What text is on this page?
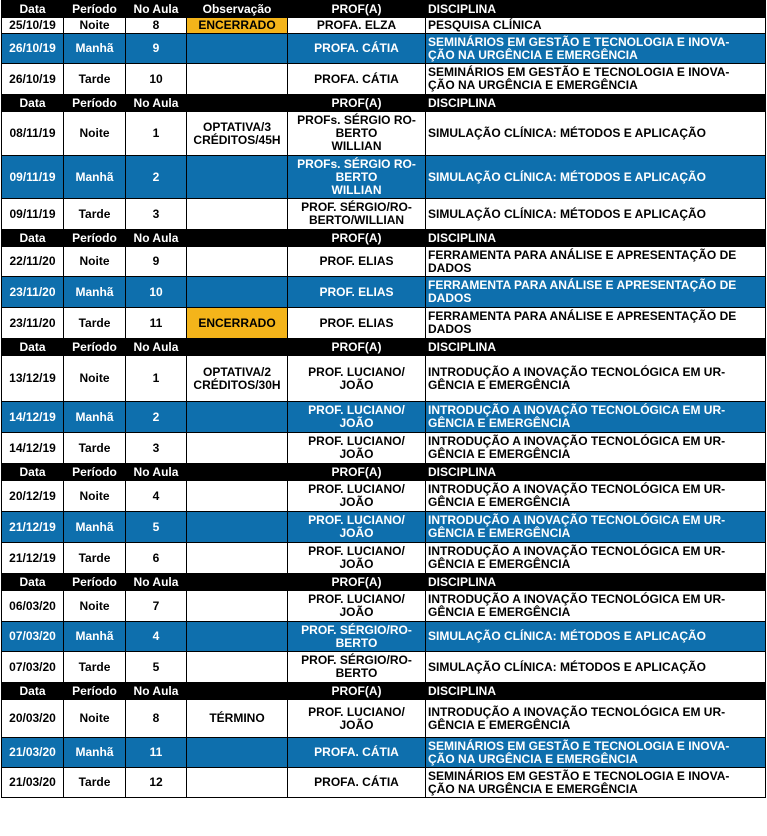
Data	Período	No Aula	Observação	PROF(A)	DISCIPLINA
25/10/19	Noite	8	ENCERRADO	PROFA. ELZA	PESQUISA CLÍNICA
26/10/19	Manhã	9		PROFA. CÁTIA	SEMINÁRIOS EM GESTÃO E TECNOLOGIA E INOVA-
ÇÃO NA URGÊNCIA E EMERGÊNCIA
26/10/19	Tarde	10		PROFA. CÁTIA	SEMINÁRIOS EM GESTÃO E TECNOLOGIA E INOVA-
ÇÃO NA URGÊNCIA E EMERGÊNCIA
Data	Período	No Aula		PROF(A)	DISCIPLINA
08/11/19	Noite	1	OPTATIVA/3
CRÉDITOS/45H	PROFs. SÉRGIO RO-
BERTO
WILLIAN	SIMULAÇÃO CLÍNICA: MÉTODOS E APLICAÇÃO
09/11/19	Manhã	2		PROFs. SÉRGIO RO-
BERTO
WILLIAN	SIMULAÇÃO CLÍNICA: MÉTODOS E APLICAÇÃO
09/11/19	Tarde	3		PROF. SÉRGIO/RO-
BERTO/WILLIAN	SIMULAÇÃO CLÍNICA: MÉTODOS E APLICAÇÃO
Data	Período	No Aula		PROF(A)	DISCIPLINA
22/11/20	Noite	9		PROF. ELIAS	FERRAMENTA PARA ANÁLISE E APRESENTAÇÃO DE
DADOS
23/11/20	Manhã	10		PROF. ELIAS	FERRAMENTA PARA ANÁLISE E APRESENTAÇÃO DE
DADOS
23/11/20	Tarde	11	ENCERRADO	PROF. ELIAS	FERRAMENTA PARA ANÁLISE E APRESENTAÇÃO DE
DADOS
Data	Período	No Aula		PROF(A)	DISCIPLINA
13/12/19	Noite	1	OPTATIVA/2
CRÉDITOS/30H	PROF. LUCIANO/
JOÃO	INTRODUÇÃO A INOVAÇÃO TECNOLÓGICA EM UR-
GÊNCIA E EMERGÊNCIA
14/12/19	Manhã	2		PROF. LUCIANO/
JOÃO	INTRODUÇÃO A INOVAÇÃO TECNOLÓGICA EM UR-
GÊNCIA E EMERGÊNCIA
14/12/19	Tarde	3		PROF. LUCIANO/
JOÃO	INTRODUÇÃO A INOVAÇÃO TECNOLÓGICA EM UR-
GÊNCIA E EMERGÊNCIA
Data	Período	No Aula		PROF(A)	DISCIPLINA
20/12/19	Noite	4		PROF. LUCIANO/
JOÃO	INTRODUÇÃO A INOVAÇÃO TECNOLÓGICA EM UR-
GÊNCIA E EMERGÊNCIA
21/12/19	Manhã	5		PROF. LUCIANO/
JOÃO	INTRODUÇÃO A INOVAÇÃO TECNOLÓGICA EM UR-
GÊNCIA E EMERGÊNCIA
21/12/19	Tarde	6		PROF. LUCIANO/
JOÃO	INTRODUÇÃO A INOVAÇÃO TECNOLÓGICA EM UR-
GÊNCIA E EMERGÊNCIA
Data	Período	No Aula		PROF(A)	DISCIPLINA
06/03/20	Noite	7		PROF. LUCIANO/
JOÃO	INTRODUÇÃO A INOVAÇÃO TECNOLÓGICA EM UR-
GÊNCIA E EMERGÊNCIA
07/03/20	Manhã	4		PROF. SÉRGIO/RO-
BERTO	SIMULAÇÃO CLÍNICA: MÉTODOS E APLICAÇÃO
07/03/20	Tarde	5		PROF. SÉRGIO/RO-
BERTO	SIMULAÇÃO CLÍNICA: MÉTODOS E APLICAÇÃO
Data	Período	No Aula		PROF(A)	DISCIPLINA
20/03/20	Noite	8	TÉRMINO	PROF. LUCIANO/
JOÃO	INTRODUÇÃO A INOVAÇÃO TECNOLÓGICA EM UR-
GÊNCIA E EMERGÊNCIA
21/03/20	Manhã	11		PROFA. CÁTIA	SEMINÁRIOS EM GESTÃO E TECNOLOGIA E INOVA-
ÇÃO NA URGÊNCIA E EMERGÊNCIA
21/03/20	Tarde	12		PROFA. CÁTIA	SEMINÁRIOS EM GESTÃO E TECNOLOGIA E INOVA-
ÇÃO NA URGÊNCIA E EMERGÊNCIA
